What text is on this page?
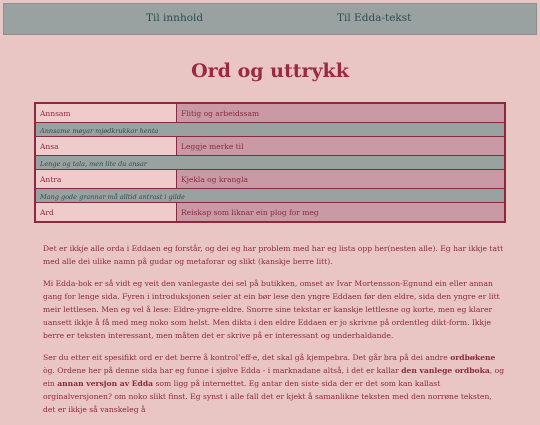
Til innhold	Til Edda-tekst
Ord og uttrykk
Annsam	Flitig og arbeidssam
Annsame møyar mjødkrukkor henta
Ansa	Leggje merke til
Lenge og tala, men lite du ansar
Antra	Kjekla og krangla
Mang gode grannar må alltid antrast i gilde
Ard	Reiskap som liknar ein plog for meg

Det er ikkje alle orda i Eddaen eg forstår, og dei eg har problem med har eg lista opp her(nesten alle). Eg har ikkje tatt med alle dei ulike namn på gudar og metaforar og slikt (kanskje berre litt).

Mi Edda-bok er så vidt eg veit den vanlegaste dei sel på butikken, omset av Ivar Mortensson-Egnund ein eller annan gang for lenge sida. Fyren i introduksjonen seier at ein bør lese den yngre Eddaen før den eldre, sida den yngre er litt meir lettlesen. Men eg vel å lese: Eldre-yngre-eldre. Snorre sine tekstar er kanskje lettlesne og korte, men eg klarer uansett ikkje å få med meg noko som helst. Men dikta i den eldre Eddaen er jo skrivne på ordentleg dikt-form. Ikkje berre er teksten interessant, men måten det er skrive på er interessant og underhaldande.

Ser du etter eit spesifikt ord er det berre å kontrol’eff-e, det skal gå kjempebra. Det går bra på dei andre ordbøkene òg. Ordene her på denne sida har eg funne i sjølve Edda - i marknadane altså, i det er kallar den vanlege ordboka, og ein annan versjon av Edda som ligg på internettet. Eg antar den siste sida der er det som kan kallast orginalversjonen? om noko slikt finst. Eg synst i alle fall det er kjekt å samanlikne teksten med den norrøne teksten, det er ikkje så vanskeleg å
